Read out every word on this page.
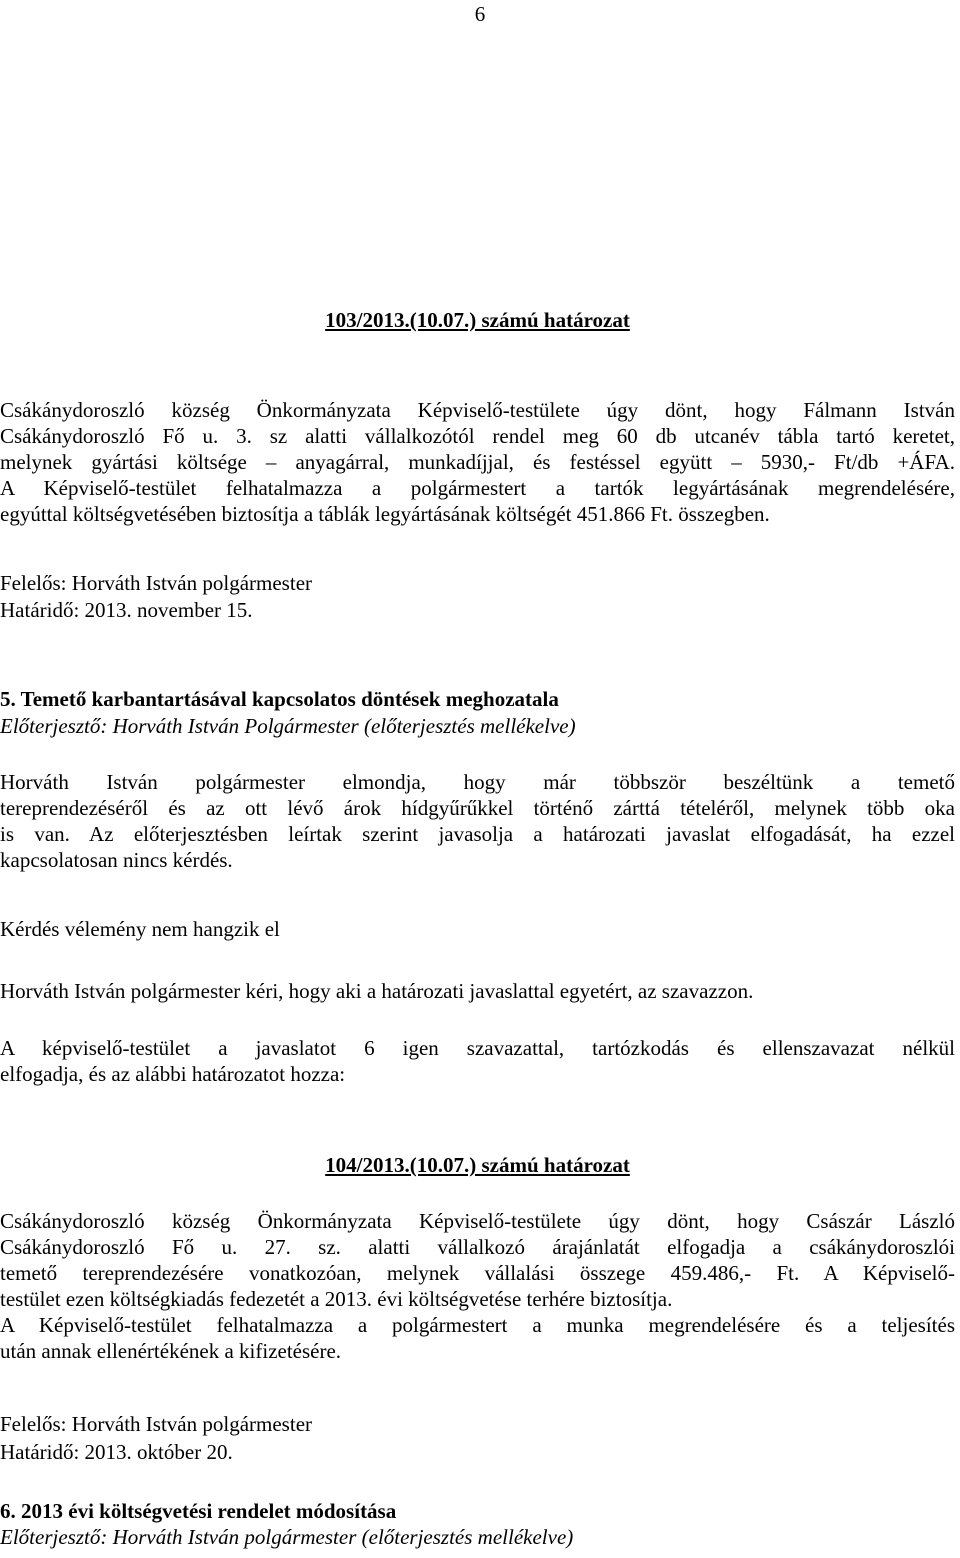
6
103/2013.(10.07.) számú határozat
Csákánydoroszló község Önkormányzata Képviselő-testülete úgy dönt, hogy Fálmann István
Csákánydoroszló Fő u. 3. sz alatti vállalkozótól rendel meg 60 db utcanév tábla tartó keretet,
melynek gyártási költsége – anyagárral, munkadíjjal, és festéssel együtt – 5930,- Ft/db +ÁFA.
A Képviselő-testület felhatalmazza a polgármestert a tartók legyártásának megrendelésére,
egyúttal költségvetésében biztosítja a táblák legyártásának költségét 451.866 Ft. összegben.
Felelős: Horváth István polgármester
Határidő: 2013. november 15.
5. Temető karbantartásával kapcsolatos döntések meghozatala
Előterjesztő: Horváth István Polgármester (előterjesztés mellékelve)
Horváth István polgármester elmondja, hogy már többször beszéltünk a temető
tereprendezéséről és az ott lévő árok hídgyűrűkkel történő zárttá tételéről, melynek több oka
is van. Az előterjesztésben leírtak szerint javasolja a határozati javaslat elfogadását, ha ezzel
kapcsolatosan nincs kérdés.
Kérdés vélemény nem hangzik el
Horváth István polgármester kéri, hogy aki a határozati javaslattal egyetért, az szavazzon.
A képviselő-testület a javaslatot 6 igen szavazattal, tartózkodás és ellenszavazat nélkül
elfogadja, és az alábbi határozatot hozza:
104/2013.(10.07.) számú határozat
Csákánydoroszló község Önkormányzata Képviselő-testülete úgy dönt, hogy Császár László
Csákánydoroszló Fő u. 27. sz. alatti vállalkozó árajánlatát elfogadja a csákánydoroszlói
temető tereprendezésére vonatkozóan, melynek vállalási összege 459.486,- Ft. A Képviselő-
testület ezen költségkiadás fedezetét a 2013. évi költségvetése terhére biztosítja.
A Képviselő-testület felhatalmazza a polgármestert a munka megrendelésére és a teljesítés
után annak ellenértékének a kifizetésére.
Felelős: Horváth István polgármester
Határidő: 2013. október 20.
6. 2013 évi költségvetési rendelet módosítása
Előterjesztő: Horváth István polgármester (előterjesztés mellékelve)
